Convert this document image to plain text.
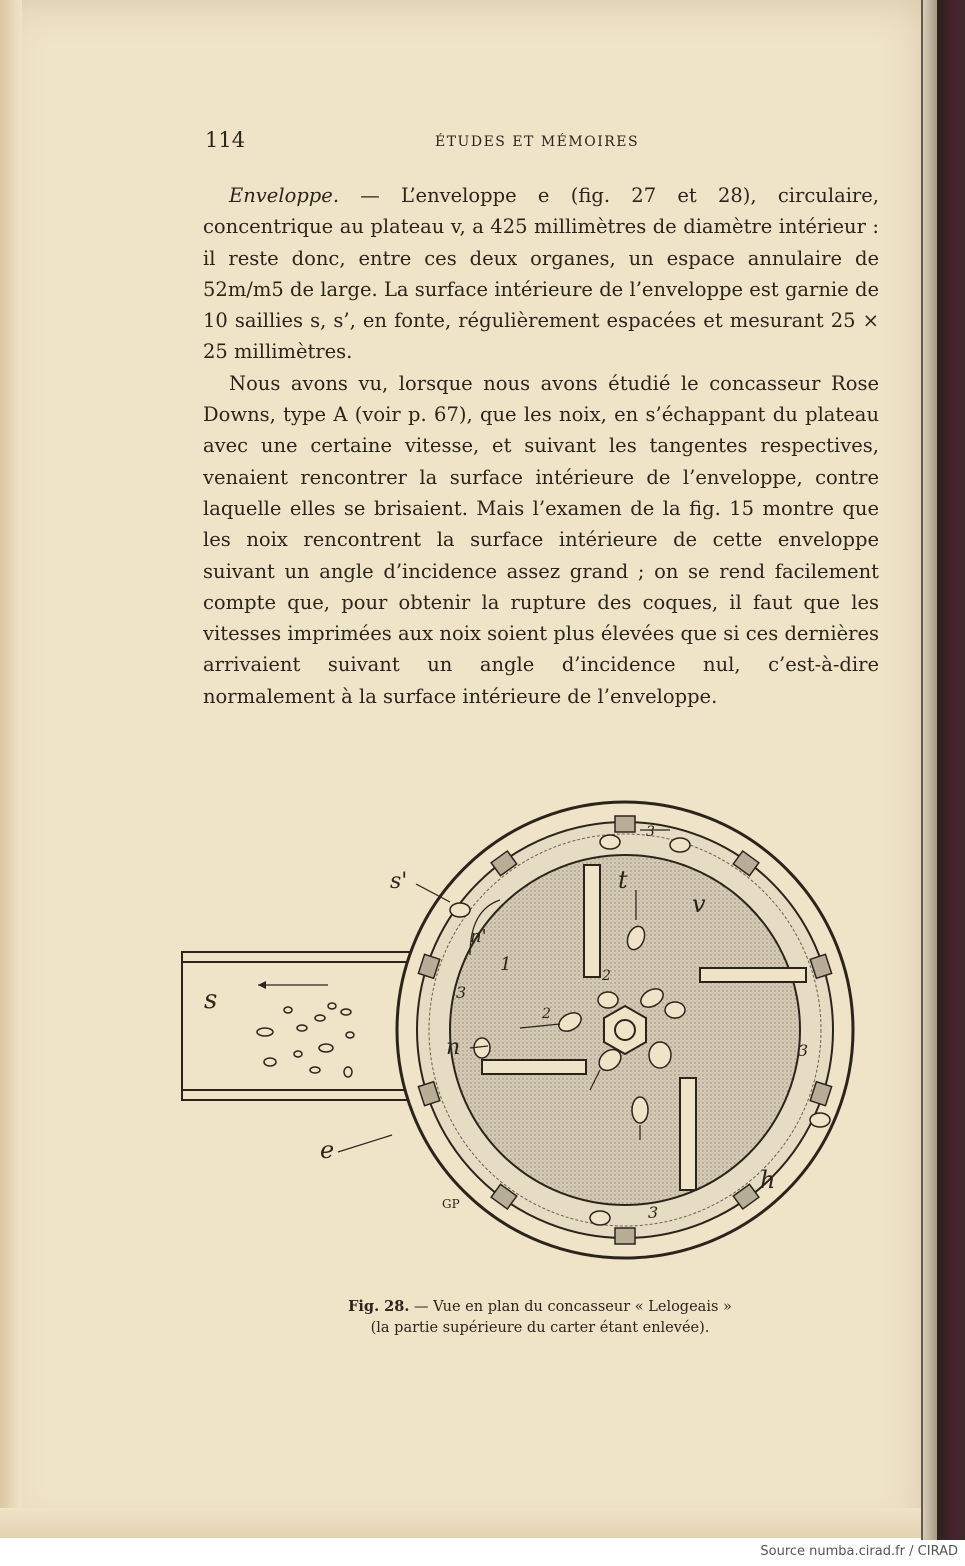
114	ÉTUDES ET MÉMOIRES

Enveloppe. — L’enveloppe e (fig. 27 et 28), circulaire, concentrique au plateau v, a 425 millimètres de diamètre intérieur : il reste donc, entre ces deux organes, un espace annulaire de 52m/m5 de large. La surface intérieure de l’enveloppe est garnie de 10 saillies s, s’, en fonte, régulièrement espacées et mesurant 25 × 25 millimètres.

Nous avons vu, lorsque nous avons étudié le concasseur Rose Downs, type A (voir p. 67), que les noix, en s’échappant du plateau avec une certaine vitesse, et suivant les tangentes respectives, venaient rencontrer la surface intérieure de l’enveloppe, contre laquelle elles se brisaient. Mais l’examen de la fig. 15 montre que les noix rencontrent la surface intérieure de cette enveloppe suivant un angle d’incidence assez grand ; on se rend facilement compte que, pour obtenir la rupture des coques, il faut que les vitesses imprimées aux noix soient plus élevées que si ces dernières arrivaient suivant un angle d’incidence nul, c’est-à-dire normalement à la surface intérieure de l’enveloppe.

s'
n'
n
s
e
t
v
h
3
3
3
3
1
2
2
GP
Fig. 28. — Vue en plan du concasseur « Lelogeais »
(la partie supérieure du carter étant enlevée).
Source numba.cirad.fr / CIRAD
